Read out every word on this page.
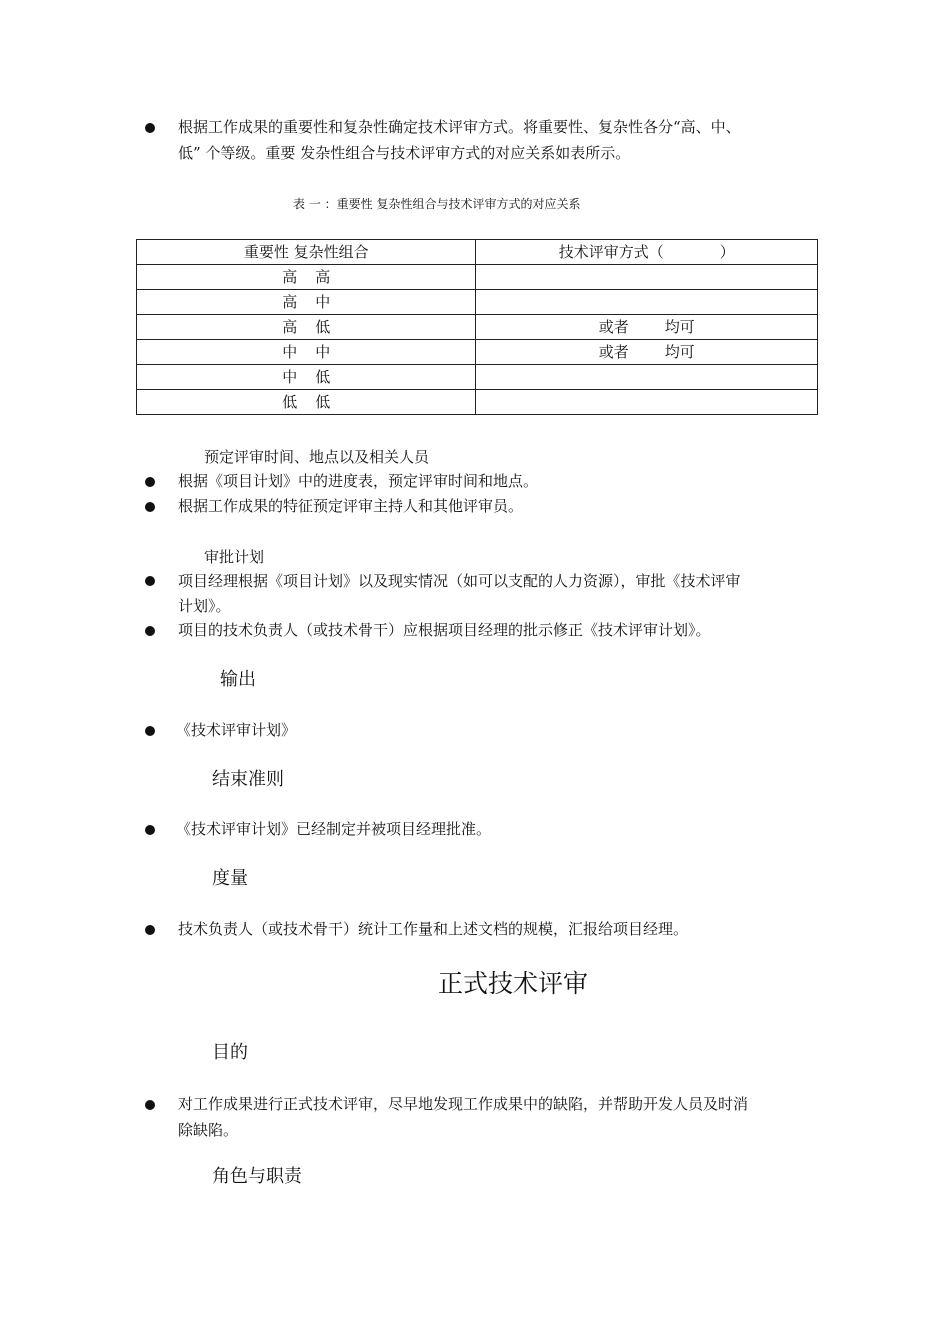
根据工作成果的重要性和复杂性确定技术评审方式。将重要性、复杂性各分“高、中、
低” 个等级。重要 发杂性组合与技术评审方式的对应关系如表所示。
表 一 ：重要性 复杂性组合与技术评审方式的对应关系
重要性 复杂性组合	技术评审方式（ ）
高 高	
高 中	
高 低	或者 均可
中 中	或者 均可
中 低	
低 低	
预定评审时间、地点以及相关人员
根据《项目计划》中的进度表，预定评审时间和地点。
根据工作成果的特征预定评审主持人和其他评审员。
审批计划
项目经理根据《项目计划》以及现实情况（如可以支配的人力资源），审批《技术评审
计划》。
项目的技术负责人（或技术骨干）应根据项目经理的批示修正《技术评审计划》。
输出
《技术评审计划》
结束准则
《技术评审计划》已经制定并被项目经理批准。
度量
技术负责人（或技术骨干）统计工作量和上述文档的规模，汇报给项目经理。
正式技术评审
目的
对工作成果进行正式技术评审，尽早地发现工作成果中的缺陷，并帮助开发人员及时消
除缺陷。
角色与职责
